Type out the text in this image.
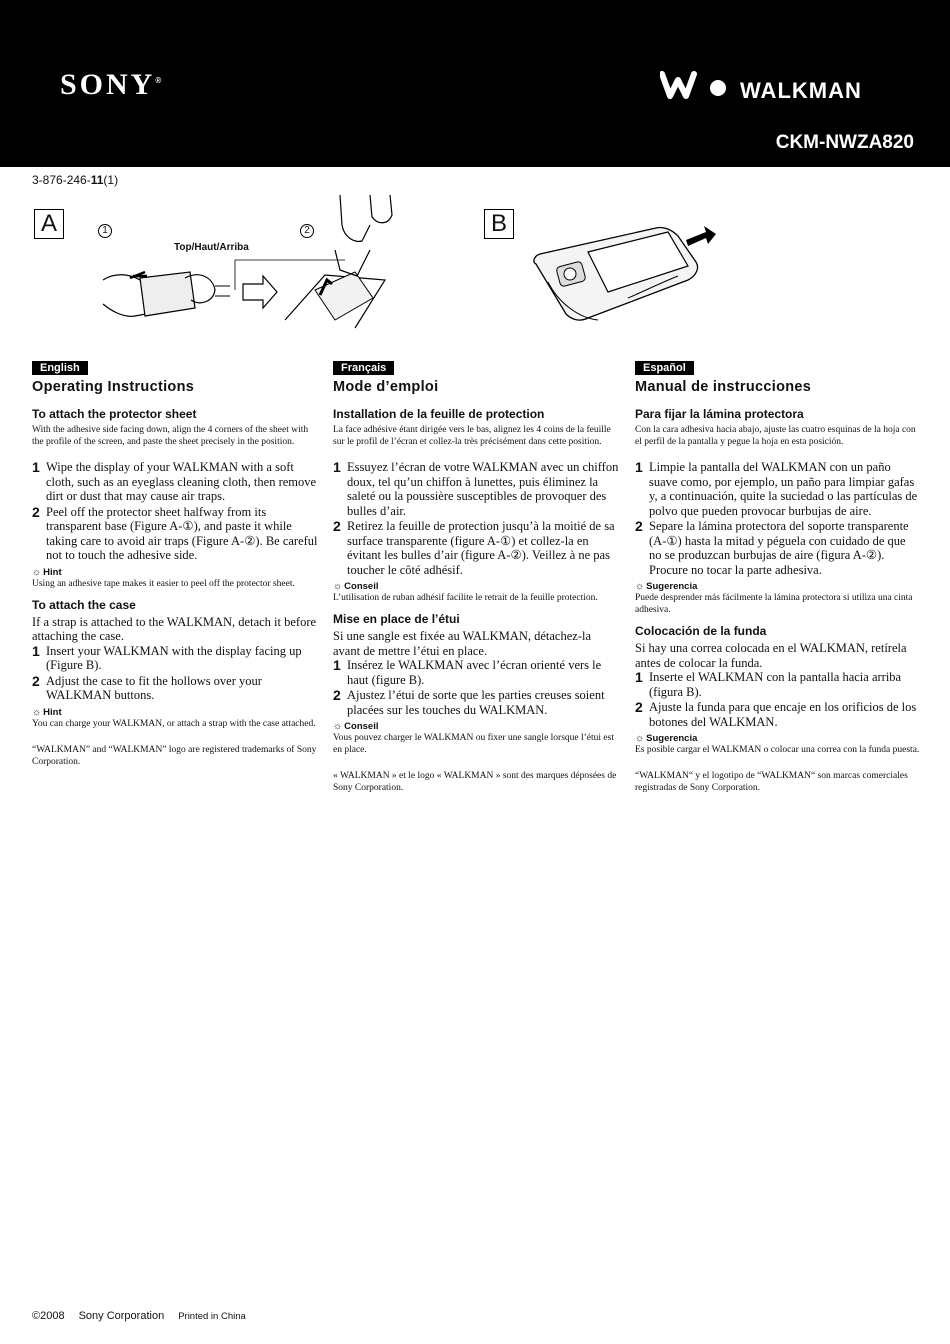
SONY®	WALKMAN
CKM-NWZA820
3-876-246-11(1)
A	1	2
Top/Haut/Arriba
B
English
Operating Instructions
To attach the protector sheet
With the adhesive side facing down, align the 4 corners of the sheet with the profile of the screen, and paste the sheet precisely in the position.
1 Wipe the display of your WALKMAN with a soft cloth, such as an eyeglass cleaning cloth, then remove dirt or dust that may cause air traps.
2 Peel off the protector sheet halfway from its transparent base (Figure A-①), and paste it while taking care to avoid air traps (Figure A-②). Be careful not to touch the adhesive side.
☼ Hint
Using an adhesive tape makes it easier to peel off the protector sheet.
To attach the case
If a strap is attached to the WALKMAN, detach it before attaching the case.
1 Insert your WALKMAN with the display facing up (Figure B).
2 Adjust the case to fit the hollows over your WALKMAN buttons.
☼ Hint
You can charge your WALKMAN, or attach a strap with the case attached.
“WALKMAN” and “WALKMAN” logo are registered trademarks of Sony Corporation.
Français
Mode d’emploi
Installation de la feuille de protection
La face adhésive étant dirigée vers le bas, alignez les 4 coins de la feuille sur le profil de l’écran et collez-la très précisément dans cette position.
1 Essuyez l’écran de votre WALKMAN avec un chiffon doux, tel qu’un chiffon à lunettes, puis éliminez la saleté ou la poussière susceptibles de provoquer des bulles d’air.
2 Retirez la feuille de protection jusqu’à la moitié de sa surface transparente (figure A-①) et collez-la en évitant les bulles d’air (figure A-②). Veillez à ne pas toucher le côté adhésif.
☼ Conseil
L’utilisation de ruban adhésif facilite le retrait de la feuille protection.
Mise en place de l’étui
Si une sangle est fixée au WALKMAN, détachez-la avant de mettre l’étui en place.
1 Insérez le WALKMAN avec l’écran orienté vers le haut (figure B).
2 Ajustez l’étui de sorte que les parties creuses soient placées sur les touches du WALKMAN.
☼ Conseil
Vous pouvez charger le WALKMAN ou fixer une sangle lorsque l’étui est en place.
« WALKMAN » et le logo « WALKMAN » sont des marques déposées de Sony Corporation.
Español
Manual de instrucciones
Para fijar la lámina protectora
Con la cara adhesiva hacia abajo, ajuste las cuatro esquinas de la hoja con el perfil de la pantalla y pegue la hoja en esta posición.
1 Limpie la pantalla del WALKMAN con un paño suave como, por ejemplo, un paño para limpiar gafas y, a continuación, quite la suciedad o las partículas de polvo que pueden provocar burbujas de aire.
2 Separe la lámina protectora del soporte transparente (A-①) hasta la mitad y péguela con cuidado de que no se produzcan burbujas de aire (figura A-②). Procure no tocar la parte adhesiva.
☼ Sugerencia
Puede desprender más fácilmente la lámina protectora si utiliza una cinta adhesiva.
Colocación de la funda
Si hay una correa colocada en el WALKMAN, retírela antes de colocar la funda.
1 Inserte el WALKMAN con la pantalla hacia arriba (figura B).
2 Ajuste la funda para que encaje en los orificios de los botones del WALKMAN.
☼ Sugerencia
Es posible cargar el WALKMAN o colocar una correa con la funda puesta.
“WALKMAN“ y el logotipo de “WALKMAN“ son marcas comerciales registradas de Sony Corporation.
©2008 Sony Corporation Printed in China
